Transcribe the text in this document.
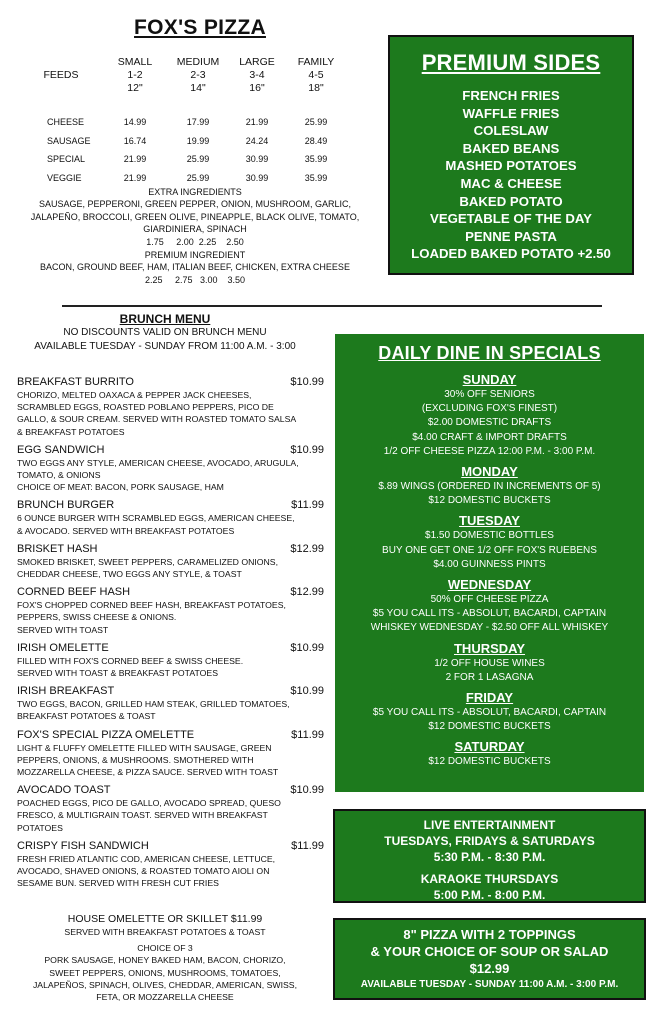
FOX'S PIZZA
SMALL	MEDIUM	LARGE	FAMILY
FEEDS	1-2	2-3	3-4	4-5
12"	14"	16"	18"
CHEESE	14.99	17.99	21.99	25.99
SAUSAGE	16.74	19.99	24.24	28.49
SPECIAL	21.99	25.99	30.99	35.99
VEGGIE	21.99	25.99	30.99	35.99
EXTRA INGREDIENTS
SAUSAGE, PEPPERONI, GREEN PEPPER, ONION, MUSHROOM, GARLIC,
JALAPEÑO, BROCCOLI, GREEN OLIVE, PINEAPPLE, BLACK OLIVE, TOMATO,
GIARDINIERA, SPINACH
1.75     2.00  2.25    2.50
PREMIUM INGREDIENT
BACON, GROUND BEEF, HAM, ITALIAN BEEF, CHICKEN, EXTRA CHEESE
2.25     2.75   3.00    3.50
PREMIUM SIDES
FRENCH FRIES
WAFFLE FRIES
COLESLAW
BAKED BEANS
MASHED POTATOES
MAC & CHEESE
BAKED POTATO
VEGETABLE OF THE DAY
PENNE PASTA
LOADED BAKED POTATO +2.50
BRUNCH MENU
NO DISCOUNTS VALID ON BRUNCH MENU
AVAILABLE TUESDAY - SUNDAY FROM 11:00 A.M. - 3:00
BREAKFAST BURRITO	$10.99
CHORIZO, MELTED OAXACA & PEPPER JACK CHEESES, SCRAMBLED EGGS, ROASTED POBLANO PEPPERS, PICO DE GALLO, & SOUR CREAM. SERVED WITH ROASTED TOMATO SALSA & BREAKFAST POTATOES
EGG SANDWICH	$10.99
TWO EGGS ANY STYLE, AMERICAN CHEESE, AVOCADO, ARUGULA, TOMATO, & ONIONS
CHOICE OF MEAT: BACON, PORK SAUSAGE, HAM
BRUNCH BURGER	$11.99
6 OUNCE BURGER WITH SCRAMBLED EGGS, AMERICAN CHEESE, & AVOCADO. SERVED WITH BREAKFAST POTATOES
BRISKET HASH	$12.99
SMOKED BRISKET, SWEET PEPPERS, CARAMELIZED ONIONS, CHEDDAR CHEESE, TWO EGGS ANY STYLE, & TOAST
CORNED BEEF HASH	$12.99
FOX'S CHOPPED CORNED BEEF HASH, BREAKFAST POTATOES, PEPPERS, SWISS CHEESE & ONIONS.
SERVED WITH TOAST
IRISH OMELETTE	$10.99
FILLED WITH FOX'S CORNED BEEF & SWISS CHEESE.
SERVED WITH TOAST & BREAKFAST POTATOES
IRISH BREAKFAST	$10.99
TWO EGGS, BACON, GRILLED HAM STEAK, GRILLED TOMATOES, BREAKFAST POTATOES & TOAST
FOX'S SPECIAL PIZZA OMELETTE	$11.99
LIGHT & FLUFFY OMELETTE FILLED WITH SAUSAGE, GREEN PEPPERS, ONIONS, & MUSHROOMS. SMOTHERED WITH MOZZARELLA CHEESE, & PIZZA SAUCE. SERVED WITH TOAST
AVOCADO TOAST	$10.99
POACHED EGGS, PICO DE GALLO, AVOCADO SPREAD, QUESO FRESCO, & MULTIGRAIN TOAST. SERVED WITH BREAKFAST POTATOES
CRISPY FISH SANDWICH	$11.99
FRESH FRIED ATLANTIC COD, AMERICAN CHEESE, LETTUCE, AVOCADO, SHAVED ONIONS, & ROASTED TOMATO AIOLI ON SESAME BUN. SERVED WITH FRESH CUT FRIES
HOUSE OMELETTE OR SKILLET $11.99
SERVED WITH BREAKFAST POTATOES & TOAST
CHOICE OF 3
PORK SAUSAGE, HONEY BAKED HAM, BACON, CHORIZO,
SWEET PEPPERS, ONIONS, MUSHROOMS, TOMATOES,
JALAPEÑOS, SPINACH, OLIVES, CHEDDAR, AMERICAN, SWISS,
FETA, OR MOZZARELLA CHEESE
DAILY DINE IN SPECIALS
SUNDAY
30% OFF SENIORS
(EXCLUDING FOX'S FINEST)
$2.00 DOMESTIC DRAFTS
$4.00 CRAFT & IMPORT DRAFTS
1/2 OFF CHEESE PIZZA 12:00 P.M. - 3:00 P.M.
MONDAY
$.89 WINGS (ORDERED IN INCREMENTS OF 5)
$12 DOMESTIC BUCKETS
TUESDAY
$1.50 DOMESTIC BOTTLES
BUY ONE GET ONE 1/2 OFF FOX'S RUEBENS
$4.00 GUINNESS PINTS
WEDNESDAY
50% OFF CHEESE PIZZA
$5 YOU CALL ITS - ABSOLUT, BACARDI, CAPTAIN
WHISKEY WEDNESDAY - $2.50 OFF ALL WHISKEY
THURSDAY
1/2 OFF HOUSE WINES
2 FOR 1 LASAGNA
FRIDAY
$5 YOU CALL ITS - ABSOLUT, BACARDI, CAPTAIN
$12 DOMESTIC BUCKETS
SATURDAY
$12 DOMESTIC BUCKETS
LIVE ENTERTAINMENT
TUESDAYS, FRIDAYS & SATURDAYS
5:30 P.M. - 8:30 P.M.
KARAOKE THURSDAYS
5:00 P.M. - 8:00 P.M.
8" PIZZA WITH 2 TOPPINGS
& YOUR CHOICE OF SOUP OR SALAD
$12.99
AVAILABLE TUESDAY - SUNDAY 11:00 A.M. - 3:00 P.M.
